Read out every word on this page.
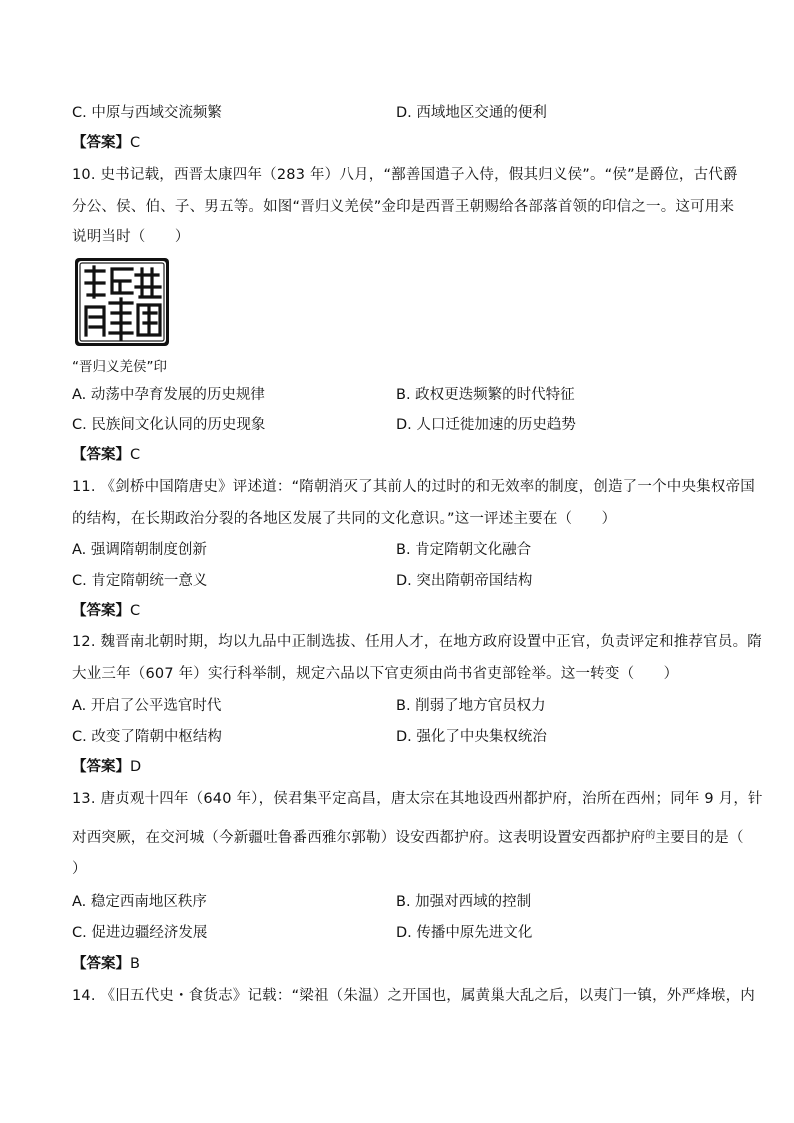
C. 中原与西域交流频繁	D. 西域地区交通的便利
【答案】C
10. 史书记载，西晋太康四年（283 年）八月，“鄯善国遣子入侍，假其归义侯”。“侯”是爵位，古代爵
分公、侯、伯、子、男五等。如图“晋归义羌侯”金印是西晋王朝赐给各部落首领的印信之一。这可用来
说明当时（　　）
“晋归义羌侯”印
A. 动荡中孕育发展的历史规律	B. 政权更迭频繁的时代特征
C. 民族间文化认同的历史现象	D. 人口迁徙加速的历史趋势
【答案】C
11. 《剑桥中国隋唐史》评述道：“隋朝消灭了其前人的过时的和无效率的制度，创造了一个中央集权帝国
的结构，在长期政治分裂的各地区发展了共同的文化意识。”这一评述主要在（　　）
A. 强调隋朝制度创新	B. 肯定隋朝文化融合
C. 肯定隋朝统一意义	D. 突出隋朝帝国结构
【答案】C
12. 魏晋南北朝时期，均以九品中正制选拔、任用人才，在地方政府设置中正官，负责评定和推荐官员。隋
大业三年（607 年）实行科举制，规定六品以下官吏须由尚书省吏部铨举。这一转变（　　）
A. 开启了公平选官时代	B. 削弱了地方官员权力
C. 改变了隋朝中枢结构	D. 强化了中央集权统治
【答案】D
13. 唐贞观十四年（640 年），侯君集平定高昌，唐太宗在其地设西州都护府，治所在西州；同年 9 月，针
对西突厥，在交河城（今新疆吐鲁番西雅尔郭勒）设安西都护府。这表明设置安西都护府$^的$主要目的是（
）
A. 稳定西南地区秩序	B. 加强对西域的控制
C. 促进边疆经济发展	D. 传播中原先进文化
【答案】B
14. 《旧五代史・食货志》记载：“梁祖（朱温）之开国也，属黄巢大乱之后，以夷门一镇，外严烽堠，内
